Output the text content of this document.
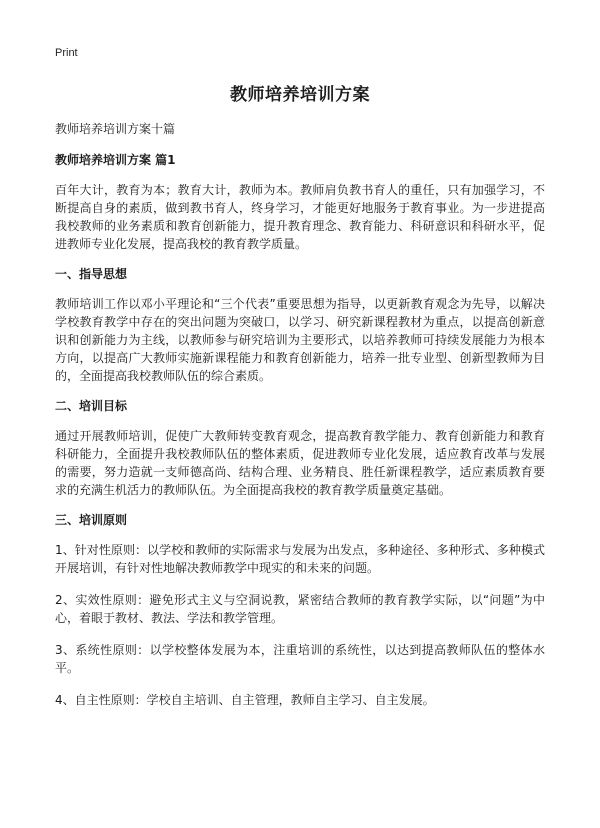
Print
教师培养培训方案

教师培养培训方案十篇

教师培养培训方案 篇1

百年大计，教育为本；教育大计，教师为本。教师肩负教书育人的重任，只有加强学习，不断提高自身的素质，做到教书育人，终身学习，才能更好地服务于教育事业。为一步进提高我校教师的业务素质和教育创新能力，提升教育理念、教育能力、科研意识和科研水平，促进教师专业化发展，提高我校的教育教学质量。

一、指导思想

教师培训工作以邓小平理论和“三个代表”重要思想为指导，以更新教育观念为先导，以解决学校教育教学中存在的突出问题为突破口，以学习、研究新课程教材为重点，以提高创新意识和创新能力为主线，以教师参与研究培训为主要形式，以培养教师可持续发展能力为根本方向，以提高广大教师实施新课程能力和教育创新能力，培养一批专业型、创新型教师为目的，全面提高我校教师队伍的综合素质。

二、培训目标

通过开展教师培训，促使广大教师转变教育观念，提高教育教学能力、教育创新能力和教育科研能力，全面提升我校教师队伍的整体素质，促进教师专业化发展，适应教育改革与发展的需要，努力造就一支师德高尚、结构合理、业务精良、胜任新课程教学，适应素质教育要求的充满生机活力的教师队伍。为全面提高我校的教育教学质量奠定基础。

三、培训原则

1、针对性原则：以学校和教师的实际需求与发展为出发点，多种途径、多种形式、多种模式开展培训，有针对性地解决教师教学中现实的和未来的问题。

2、实效性原则：避免形式主义与空洞说教，紧密结合教师的教育教学实际，以“问题”为中心，着眼于教材、教法、学法和教学管理。

3、系统性原则：以学校整体发展为本，注重培训的系统性，以达到提高教师队伍的整体水平。

4、自主性原则：学校自主培训、自主管理，教师自主学习、自主发展。
